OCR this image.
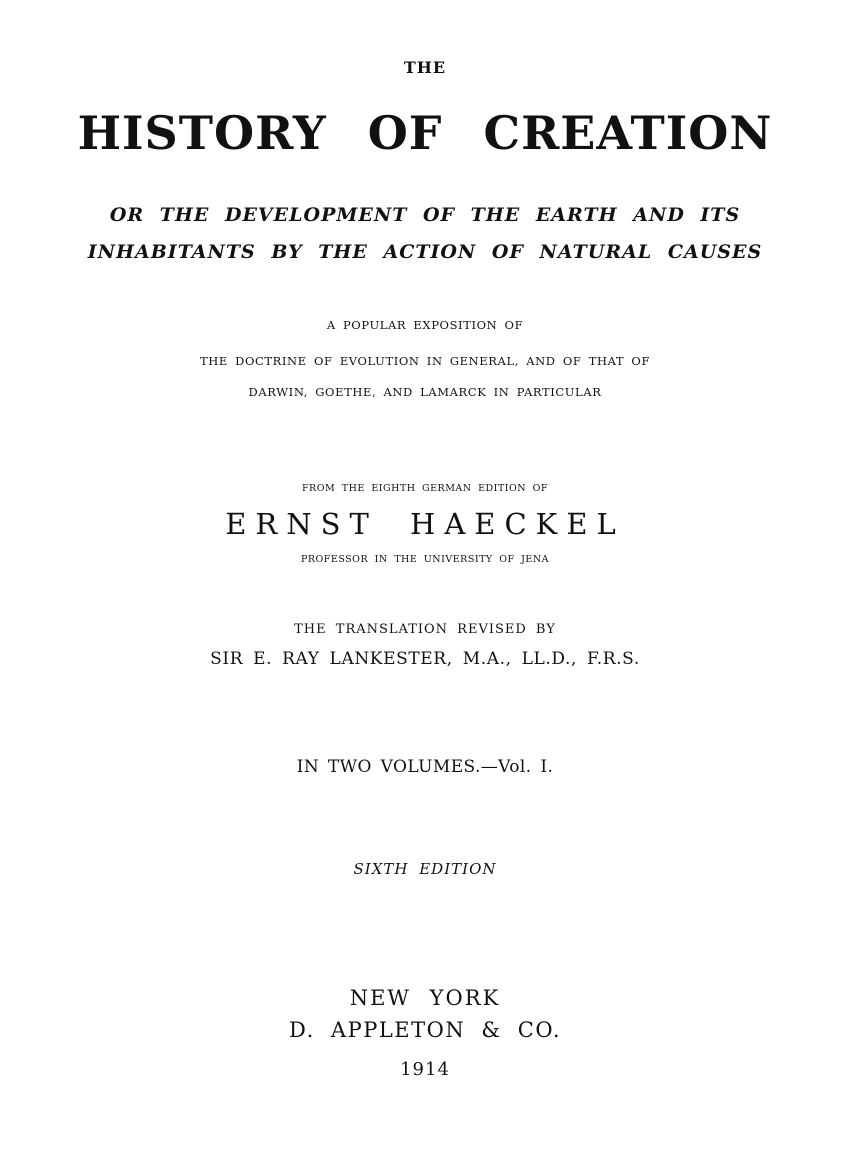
THE
HISTORY OF CREATION
OR THE DEVELOPMENT OF THE EARTH AND ITS
INHABITANTS BY THE ACTION OF NATURAL CAUSES
A POPULAR EXPOSITION OF
THE DOCTRINE OF EVOLUTION IN GENERAL, AND OF THAT OF
DARWIN, GOETHE, AND LAMARCK IN PARTICULAR
FROM THE EIGHTH GERMAN EDITION OF
ERNST HAECKEL
PROFESSOR IN THE UNIVERSITY OF JENA
THE TRANSLATION REVISED BY
SIR E. RAY LANKESTER, M.A., LL.D., F.R.S.
IN TWO VOLUMES.—Vol. I.
SIXTH EDITION
NEW YORK
D. APPLETON & CO.
1914
